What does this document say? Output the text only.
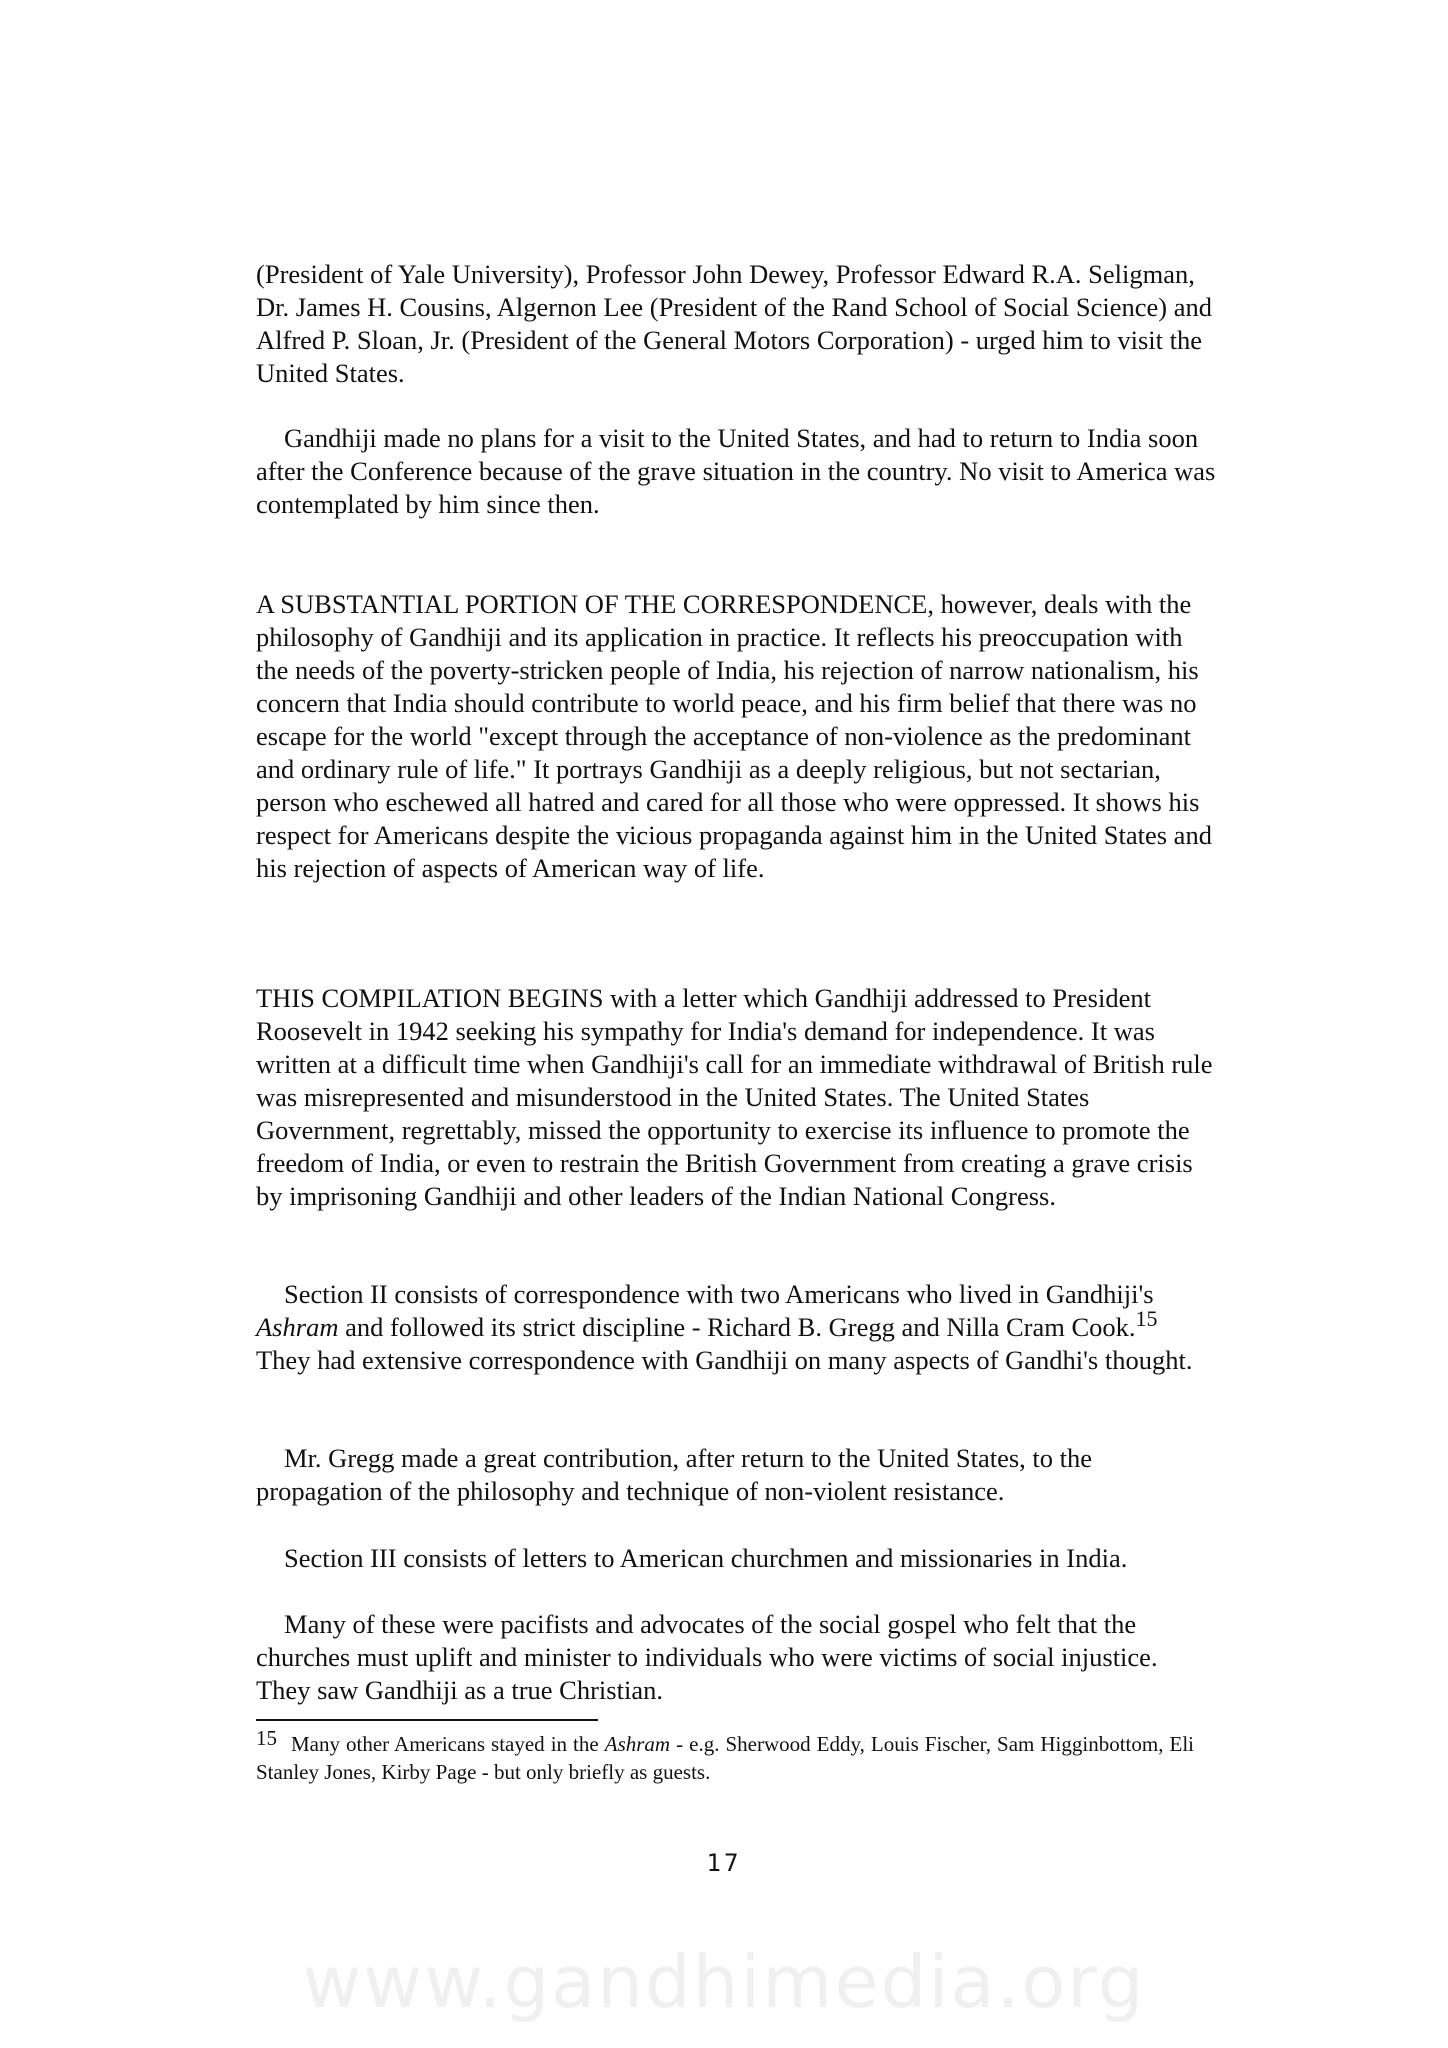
(President of Yale University), Professor John Dewey, Professor Edward R.A. Seligman, Dr. James H. Cousins, Algernon Lee (President of the Rand School of Social Science) and Alfred P. Sloan, Jr. (President of the General Motors Corporation) - urged him to visit the United States.

Gandhiji made no plans for a visit to the United States, and had to return to India soon after the Conference because of the grave situation in the country. No visit to America was contemplated by him since then.

A SUBSTANTIAL PORTION OF THE CORRESPONDENCE, however, deals with the philosophy of Gandhiji and its application in practice. It reflects his preoccupation with the needs of the poverty-stricken people of India, his rejection of narrow nationalism, his concern that India should contribute to world peace, and his firm belief that there was no escape for the world "except through the acceptance of non-violence as the predominant and ordinary rule of life." It portrays Gandhiji as a deeply religious, but not sectarian, person who eschewed all hatred and cared for all those who were oppressed. It shows his respect for Americans despite the vicious propaganda against him in the United States and his rejection of aspects of American way of life.

THIS COMPILATION BEGINS with a letter which Gandhiji addressed to President Roosevelt in 1942 seeking his sympathy for India's demand for independence. It was written at a difficult time when Gandhiji's call for an immediate withdrawal of British rule was misrepresented and misunderstood in the United States. The United States Government, regrettably, missed the opportunity to exercise its influence to promote the freedom of India, or even to restrain the British Government from creating a grave crisis by imprisoning Gandhiji and other leaders of the Indian National Congress.

Section II consists of correspondence with two Americans who lived in Gandhiji's Ashram and followed its strict discipline - Richard B. Gregg and Nilla Cram Cook.$^{15}$ They had extensive correspondence with Gandhiji on many aspects of Gandhi's thought.

Mr. Gregg made a great contribution, after return to the United States, to the propagation of the philosophy and technique of non-violent resistance.

Section III consists of letters to American churchmen and missionaries in India.

Many of these were pacifists and advocates of the social gospel who felt that the churches must uplift and minister to individuals who were victims of social injustice. They saw Gandhiji as a true Christian.

15 Many other Americans stayed in the Ashram - e.g. Sherwood Eddy, Louis Fischer, Sam Higginbottom, Eli Stanley Jones, Kirby Page - but only briefly as guests.

17
www.gandhimedia.org
